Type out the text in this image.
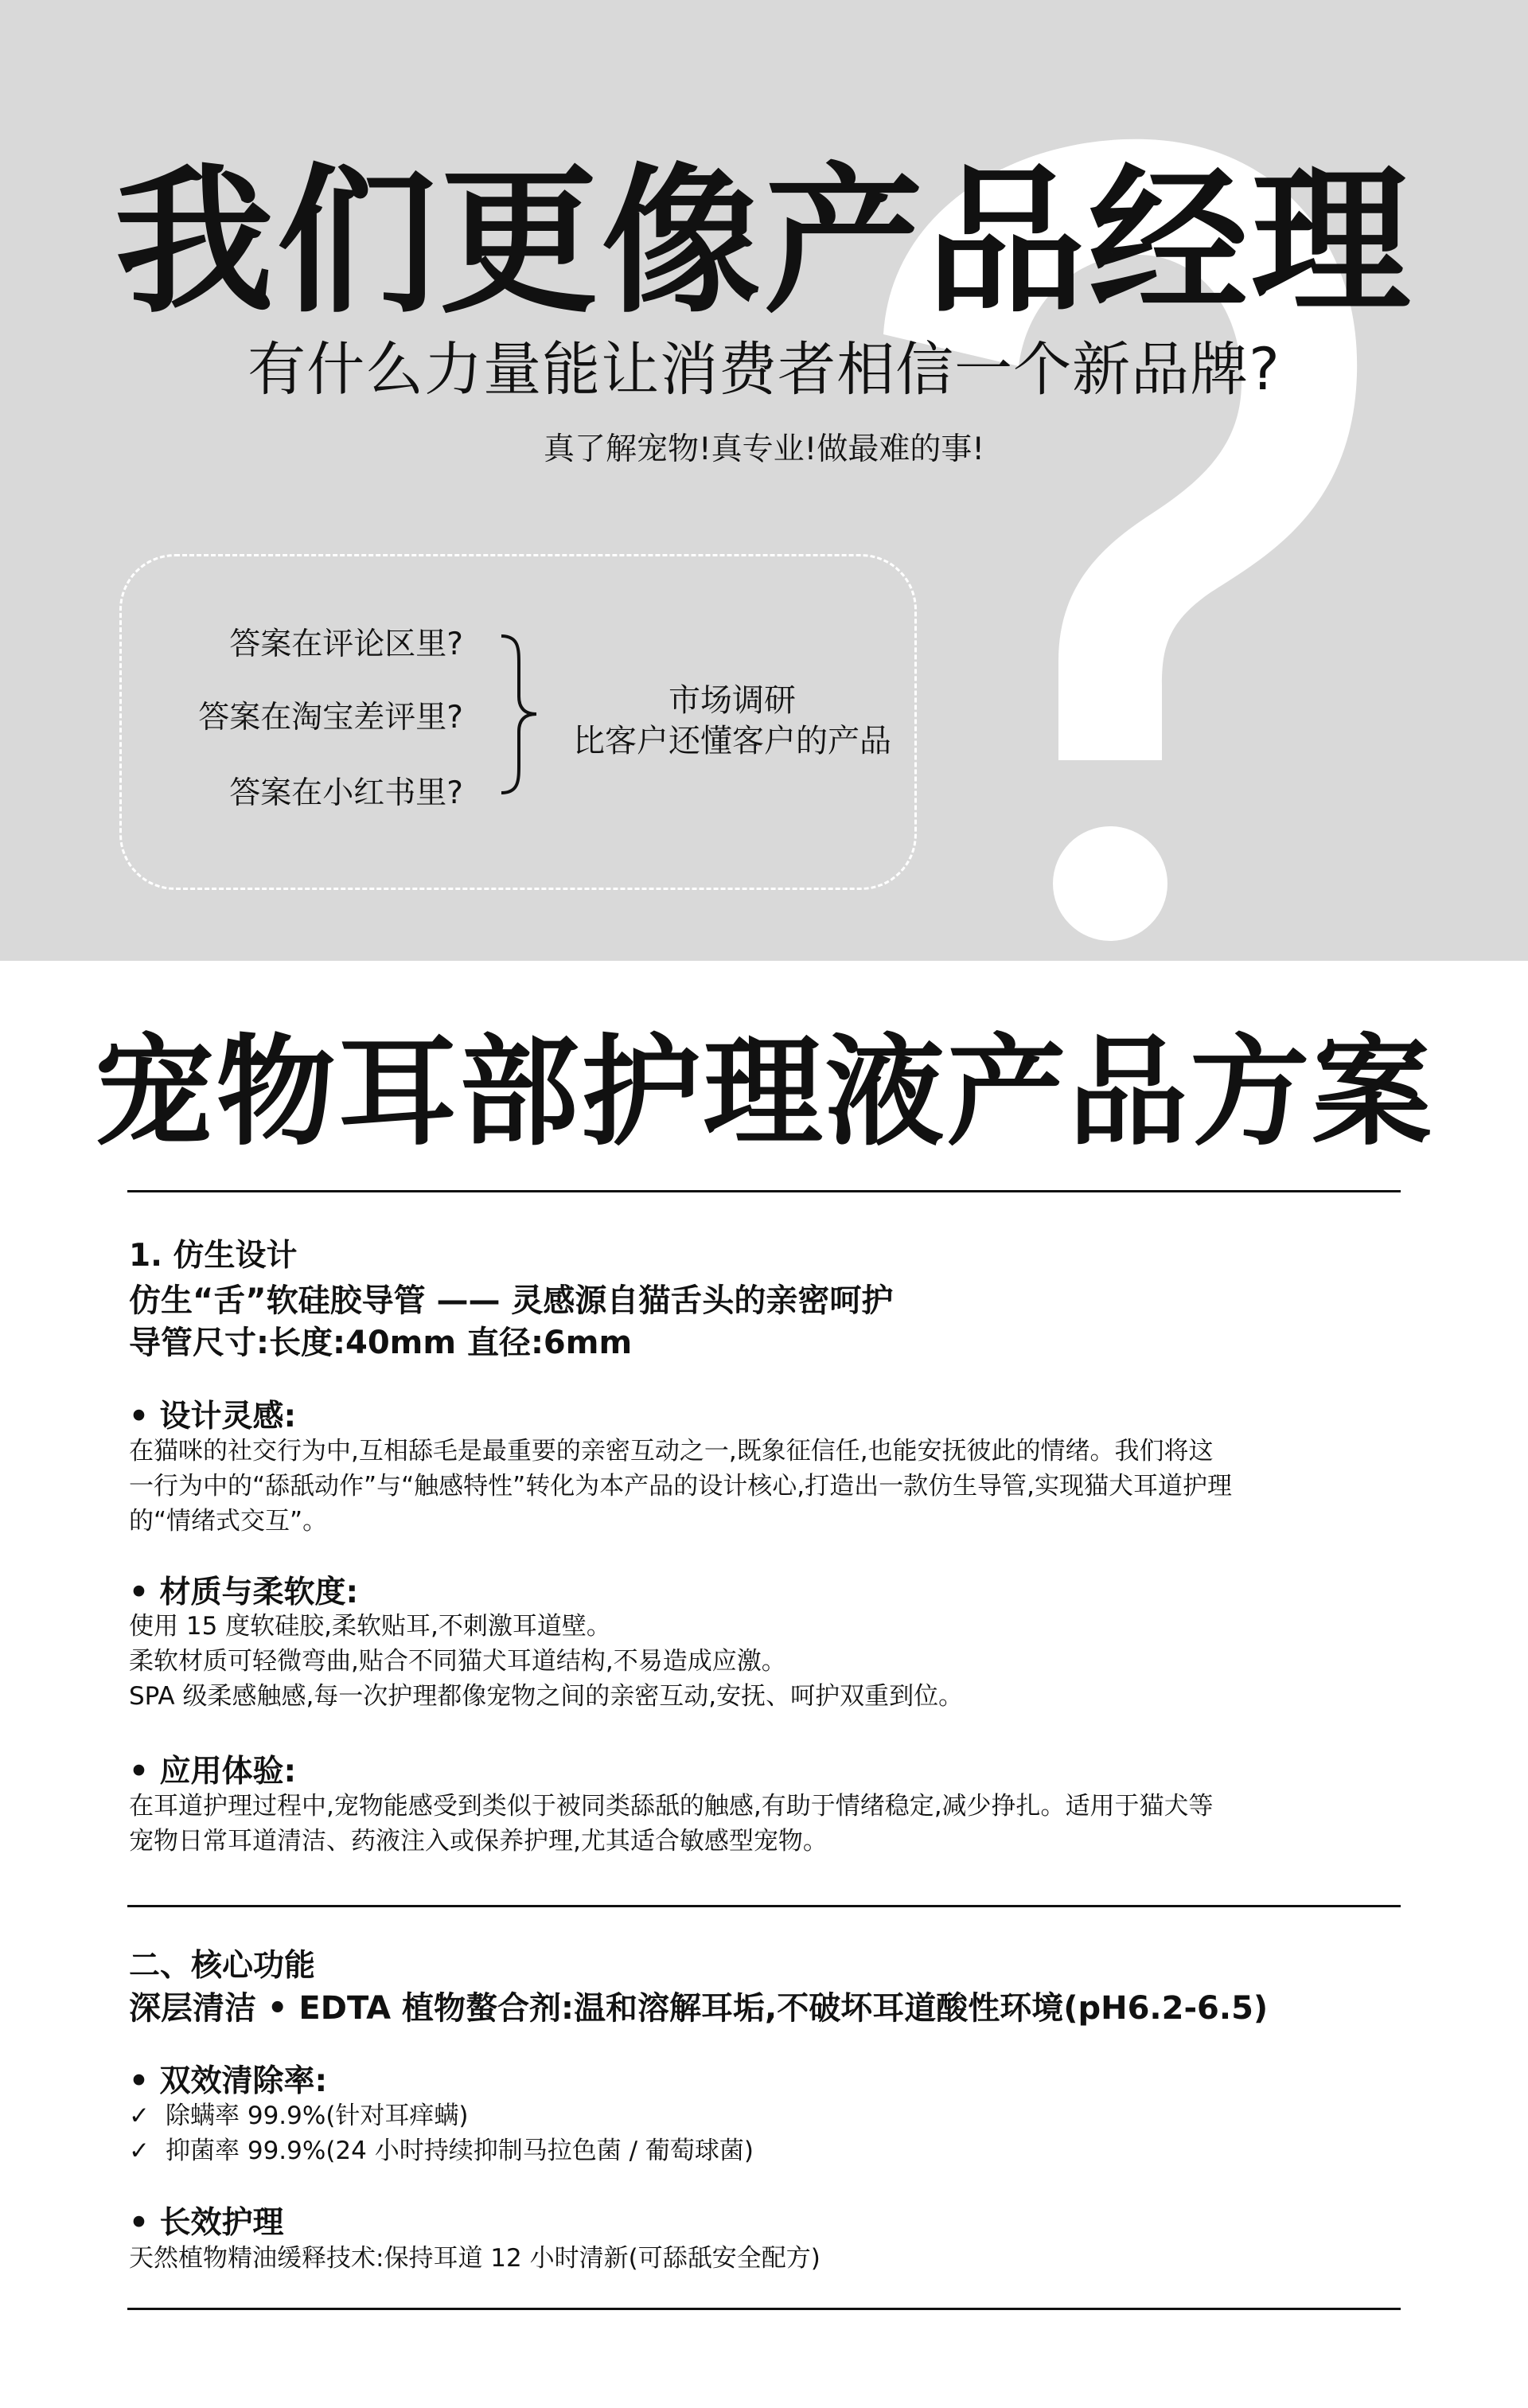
我们更像产品经理
有什么力量能让消费者相信一个新品牌?
真了解宠物!真专业!做最难的事!
答案在评论区里?
答案在淘宝差评里?
答案在小红书里?
市场调研
比客户还懂客户的产品
宠物耳部护理液产品方案
1. 仿生设计
仿生“舌”软硅胶导管 —— 灵感源自猫舌头的亲密呵护
导管尺寸:长度:40mm 直径:6mm
• 设计灵感:
在猫咪的社交行为中,互相舔毛是最重要的亲密互动之一,既象征信任,也能安抚彼此的情绪。我们将这
一行为中的“舔舐动作”与“触感特性”转化为本产品的设计核心,打造出一款仿生导管,实现猫犬耳道护理
的“情绪式交互”。
• 材质与柔软度:
使用 15 度软硅胶,柔软贴耳,不刺激耳道壁。
柔软材质可轻微弯曲,贴合不同猫犬耳道结构,不易造成应激。
SPA 级柔感触感,每一次护理都像宠物之间的亲密互动,安抚、呵护双重到位。
• 应用体验:
在耳道护理过程中,宠物能感受到类似于被同类舔舐的触感,有助于情绪稳定,减少挣扎。适用于猫犬等
宠物日常耳道清洁、药液注入或保养护理,尤其适合敏感型宠物。
二、核心功能
深层清洁 • EDTA 植物螯合剂:温和溶解耳垢,不破坏耳道酸性环境(pH6.2-6.5)
• 双效清除率:
✓ 除螨率 99.9%(针对耳痒螨)
✓ 抑菌率 99.9%(24 小时持续抑制马拉色菌 / 葡萄球菌)
• 长效护理
天然植物精油缓释技术:保持耳道 12 小时清新(可舔舐安全配方)
